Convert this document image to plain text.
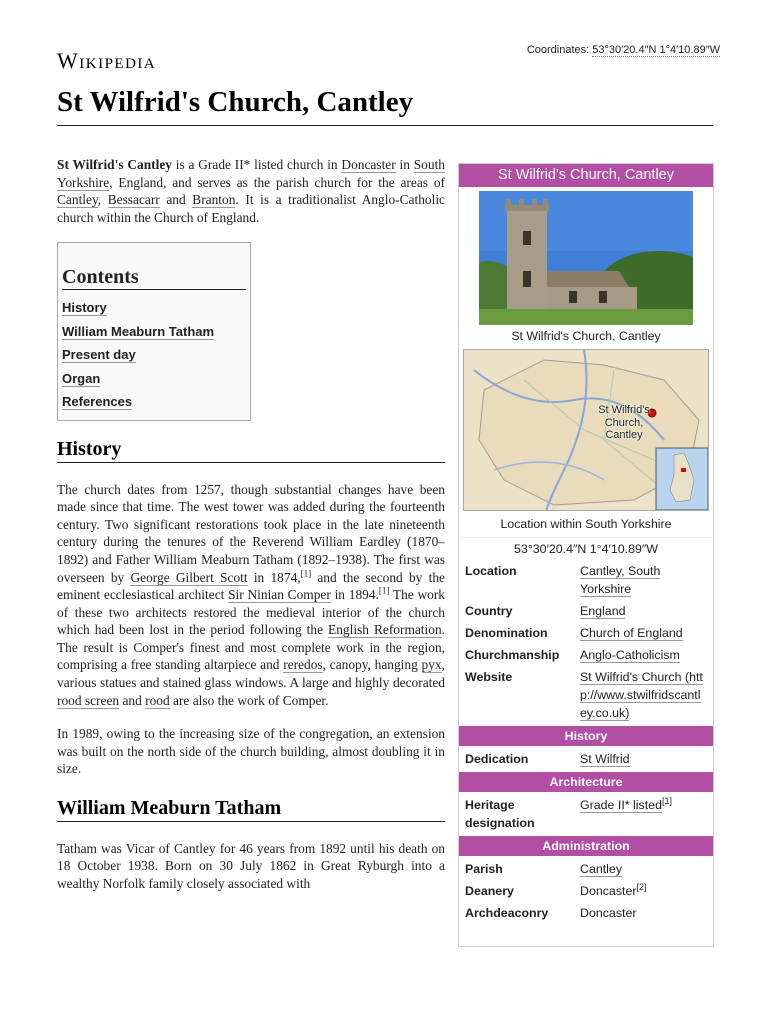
Wikipedia	Coordinates: 53°30′20.4″N 1°4′10.89″W
St Wilfrid's Church, Cantley

St Wilfrid's Cantley is a Grade II* listed church in Doncaster in South Yorkshire, England, and serves as the parish church for the areas of Cantley, Bessacarr and Branton. It is a traditionalist Anglo-Catholic church within the Church of England.

Contents
History
William Meaburn Tatham
Present day
Organ
References
History

The church dates from 1257, though substantial changes have been made since that time. The west tower was added during the fourteenth century. Two significant restorations took place in the late nineteenth century during the tenures of the Reverend William Eardley (1870–1892) and Father William Meaburn Tatham (1892–1938). The first was overseen by George Gilbert Scott in 1874,[1] and the second by the eminent ecclesiastical architect Sir Ninian Comper in 1894.[1] The work of these two architects restored the medieval interior of the church which had been lost in the period following the English Reformation. The result is Comper's finest and most complete work in the region, comprising a free standing altarpiece and reredos, canopy, hanging pyx, various statues and stained glass windows. A large and highly decorated rood screen and rood are also the work of Comper.

In 1989, owing to the increasing size of the congregation, an extension was built on the north side of the church building, almost doubling it in size.

William Meaburn Tatham

Tatham was Vicar of Cantley for 46 years from 1892 until his death on 18 October 1938. Born on 30 July 1862 in Great Ryburgh into a wealthy Norfolk family closely associated with

St Wilfrid's Church, Cantley
St Wilfrid's Church, Cantley
St Wilfrid's Church, Cantley
Location within South Yorkshire
53°30′20.4″N 1°4′10.89″W
Location	Cantley, South Yorkshire
Country	England
Denomination	Church of England
Churchmanship	Anglo-Catholicism
Website	St Wilfrid's Church (http://www.stwilfridscantley.co.uk)
History
Dedication	St Wilfrid
Architecture
Heritage designation
Grade II* listed[1]
Administration
Parish	Cantley
Deanery	Doncaster[2]
Archdeaconry	Doncaster
